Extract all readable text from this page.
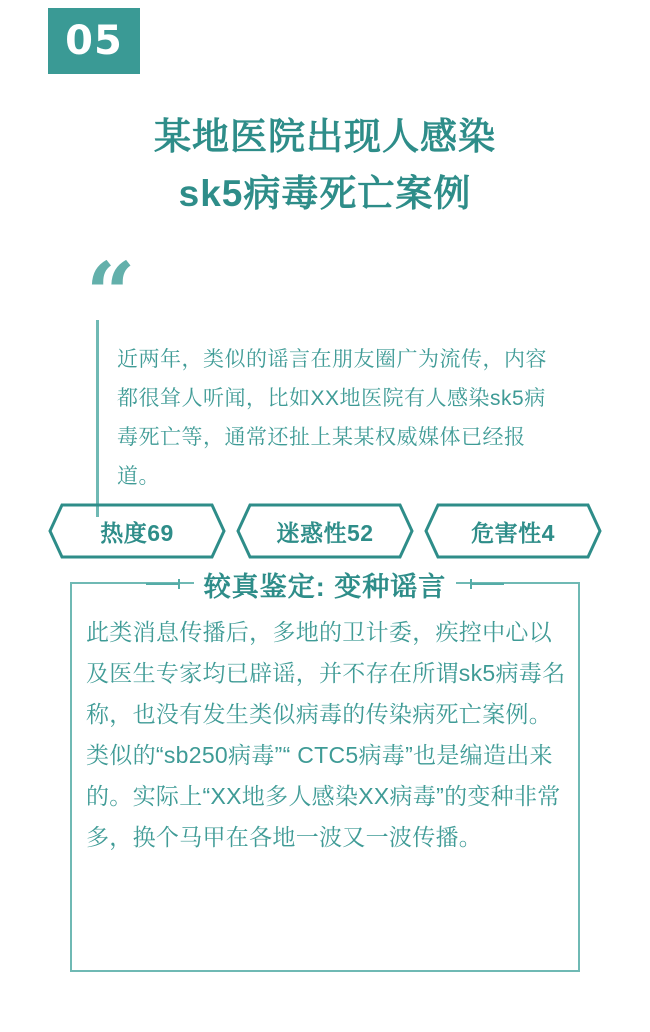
05
某地医院出现人感染
sk5病毒死亡案例
“

近两年，类似的谣言在朋友圈广为流传，内容都很耸人听闻，比如XX地医院有人感染sk5病毒死亡等，通常还扯上某某权威媒体已经报道。

热度69	迷惑性52	危害性4
较真鉴定: 变种谣言

此类消息传播后，多地的卫计委，疾控中心以及医生专家均已辟谣，并不存在所谓sk5病毒名称，也没有发生类似病毒的传染病死亡案例。

类似的“sb250病毒”“ CTC5病毒”也是编造出来的。实际上“XX地多人感染XX病毒”的变种非常多，换个马甲在各地一波又一波传播。
